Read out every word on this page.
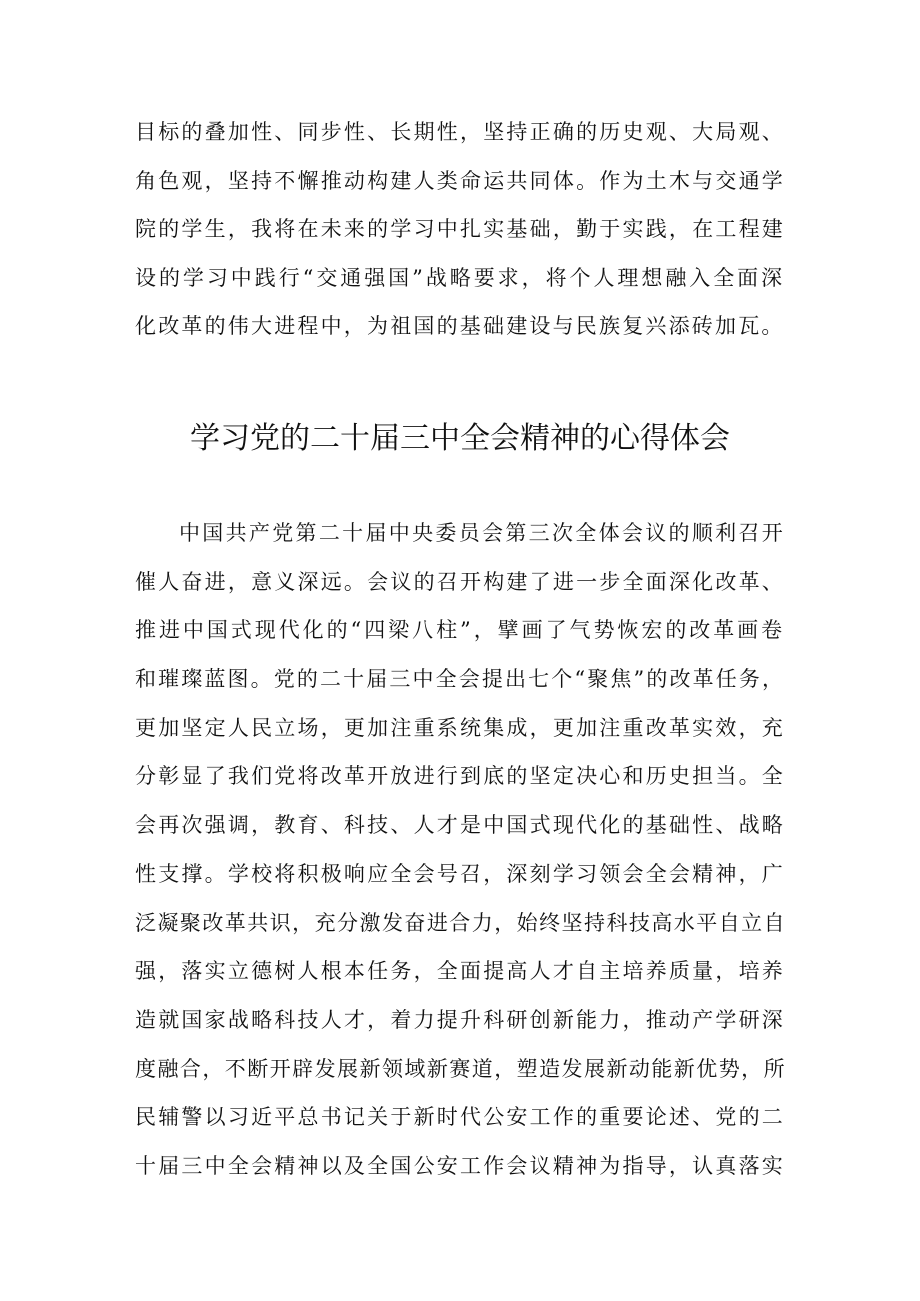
目标的叠加性、同步性、长期性，坚持正确的历史观、大局观、
角色观，坚持不懈推动构建人类命运共同体。作为土木与交通学
院的学生，我将在未来的学习中扎实基础，勤于实践，在工程建
设的学习中践行“交通强国”战略要求，将个人理想融入全面深
化改革的伟大进程中，为祖国的基础建设与民族复兴添砖加瓦。
学习党的二十届三中全会精神的心得体会
中国共产党第二十届中央委员会第三次全体会议的顺利召开
催人奋进，意义深远。会议的召开构建了进一步全面深化改革、
推进中国式现代化的“四梁八柱”，擘画了气势恢宏的改革画卷
和璀璨蓝图。党的二十届三中全会提出七个“聚焦”的改革任务，
更加坚定人民立场，更加注重系统集成，更加注重改革实效，充
分彰显了我们党将改革开放进行到底的坚定决心和历史担当。全
会再次强调，教育、科技、人才是中国式现代化的基础性、战略
性支撑。学校将积极响应全会号召，深刻学习领会全会精神，广
泛凝聚改革共识，充分激发奋进合力，始终坚持科技高水平自立自
强，落实立德树人根本任务，全面提高人才自主培养质量，培养
造就国家战略科技人才，着力提升科研创新能力，推动产学研深
度融合，不断开辟发展新领域新赛道，塑造发展新动能新优势，所
民辅警以习近平总书记关于新时代公安工作的重要论述、党的二
十届三中全会精神以及全国公安工作会议精神为指导，认真落实
